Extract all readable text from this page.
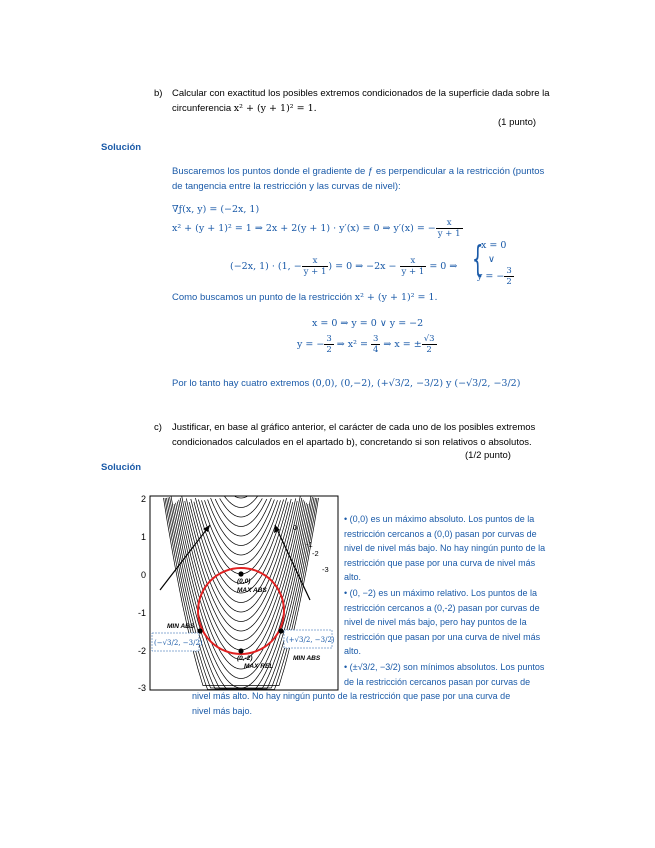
b) Calcular con exactitud los posibles extremos condicionados de la superficie dada sobre la
circunferencia x² + (y + 1)² = 1.
(1 punto)
Solución
Buscaremos los puntos donde el gradiente de ƒ es perpendicular a la restricción (puntos
de tangencia entre la restricción y las curvas de nivel):
∇ƒ(x, y) = (−2x, 1)
x² + (y + 1)² = 1 ⇒ 2x + 2(y + 1) · y′(x) = 0 ⇒ y′(x) = − $\frac{x}{y + 1}$
(−2x, 1) · (1, − $\frac{x}{y + 1}$ ) = 0 ⇒ $-2x - \frac{x}{y + 1} = 0$ ⇒ {
x = 0
∨
y = − $\frac{3}{2}$
Como buscamos un punto de la restricción x² + (y + 1)² = 1.
x = 0 ⇒ y = 0 ∨ y = −2
y = − $\frac{3}{2}$ ⇒ $x^2 = \frac{3}{4}$ ⇒ x = ± $\frac{√3}{2}$
Por lo tanto hay cuatro extremos (0,0), (0,−2), (+√3/2, −3/2) y (−√3/2, −3/2)
c) Justificar, en base al gráfico anterior, el carácter de cada uno de los posibles extremos
condicionados calculados en el apartado b), concretando si son relativos o absolutos.
(1/2 punto)
Solución
2
1
0
-1
-2
-3
0
-1
-2
-3
(0,0)
MAX ABS
(0,-2)
MAX REL
MIN ABS
MIN ABS
(−√3/2, −3/2)	(+√3/2, −3/2)
• (0,0) es un máximo absoluto. Los puntos de la
restricción cercanos a (0,0) pasan por curvas de
nivel de nivel más bajo. No hay ningún punto de la
restricción que pase por una curva de nivel más
alto.
• (0, −2) es un máximo relativo. Los puntos de la
restricción cercanos a (0,-2) pasan por curvas de
nivel de nivel más bajo, pero hay puntos de la
restricción que pasan por una curva de nivel más
alto.
• (±√3/2, −3/2) son mínimos absolutos. Los puntos
de la restricción cercanos pasan por curvas de
nivel más alto. No hay ningún punto de la restricción que pase por una curva de
nivel más bajo.
